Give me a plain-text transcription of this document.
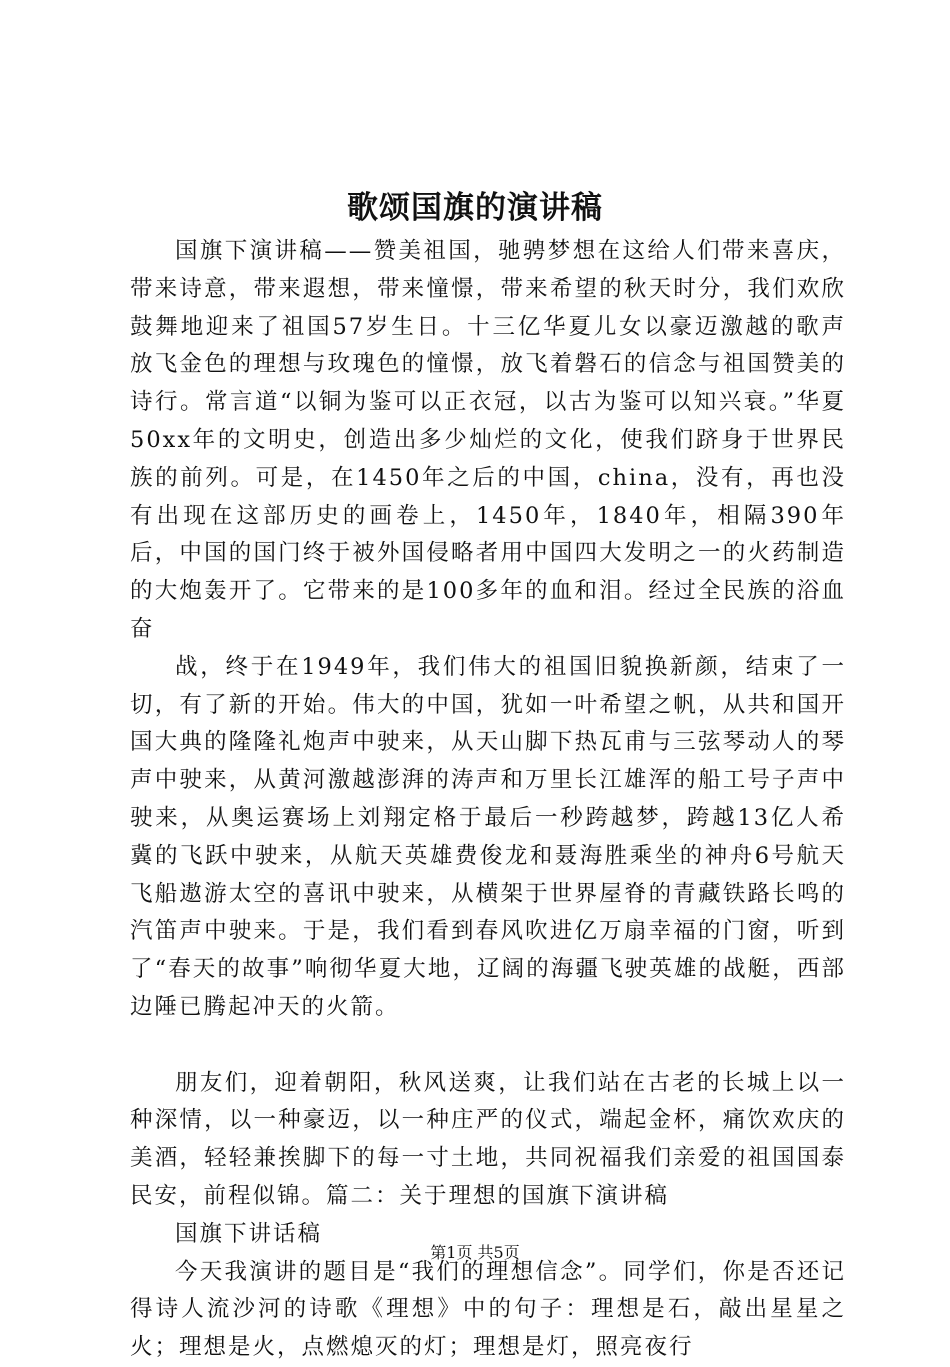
歌颂国旗的演讲稿

国旗下演讲稿——赞美祖国，驰骋梦想在这给人们带来喜庆，带来诗意，带来遐想，带来憧憬，带来希望的秋天时分，我们欢欣鼓舞地迎来了祖国57岁生日。十三亿华夏儿女以豪迈激越的歌声放飞金色的理想与玫瑰色的憧憬，放飞着磐石的信念与祖国赞美的诗行。常言道“以铜为鉴可以正衣冠，以古为鉴可以知兴衰。”华夏50xx年的文明史，创造出多少灿烂的文化，使我们跻身于世界民族的前列。可是，在1450年之后的中国，china，没有，再也没有出现在这部历史的画卷上，1450年，1840年，相隔390年后，中国的国门终于被外国侵略者用中国四大发明之一的火药制造的大炮轰开了。它带来的是100多年的血和泪。经过全民族的浴血奋

战，终于在1949年，我们伟大的祖国旧貌换新颜，结束了一切，有了新的开始。伟大的中国，犹如一叶希望之帆，从共和国开国大典的隆隆礼炮声中驶来，从天山脚下热瓦甫与三弦琴动人的琴声中驶来，从黄河激越澎湃的涛声和万里长江雄浑的船工号子声中驶来，从奥运赛场上刘翔定格于最后一秒跨越梦，跨越13亿人希冀的飞跃中驶来，从航天英雄费俊龙和聂海胜乘坐的神舟6号航天飞船遨游太空的喜讯中驶来，从横架于世界屋脊的青藏铁路长鸣的汽笛声中驶来。于是，我们看到春风吹进亿万扇幸福的门窗，听到了“春天的故事”响彻华夏大地，辽阔的海疆飞驶英雄的战艇，西部边陲已腾起冲天的火箭。

朋友们，迎着朝阳，秋风送爽，让我们站在古老的长城上以一种深情，以一种豪迈，以一种庄严的仪式，端起金杯，痛饮欢庆的美酒，轻轻兼挨脚下的每一寸土地，共同祝福我们亲爱的祖国国泰民安，前程似锦。篇二：关于理想的国旗下演讲稿

国旗下讲话稿

今天我演讲的题目是“我们的理想信念”。同学们，你是否还记得诗人流沙河的诗歌《理想》中的句子：理想是石，敲出星星之火；理想是火，点燃熄灭的灯；理想是灯，照亮夜行

第1页 共5页
